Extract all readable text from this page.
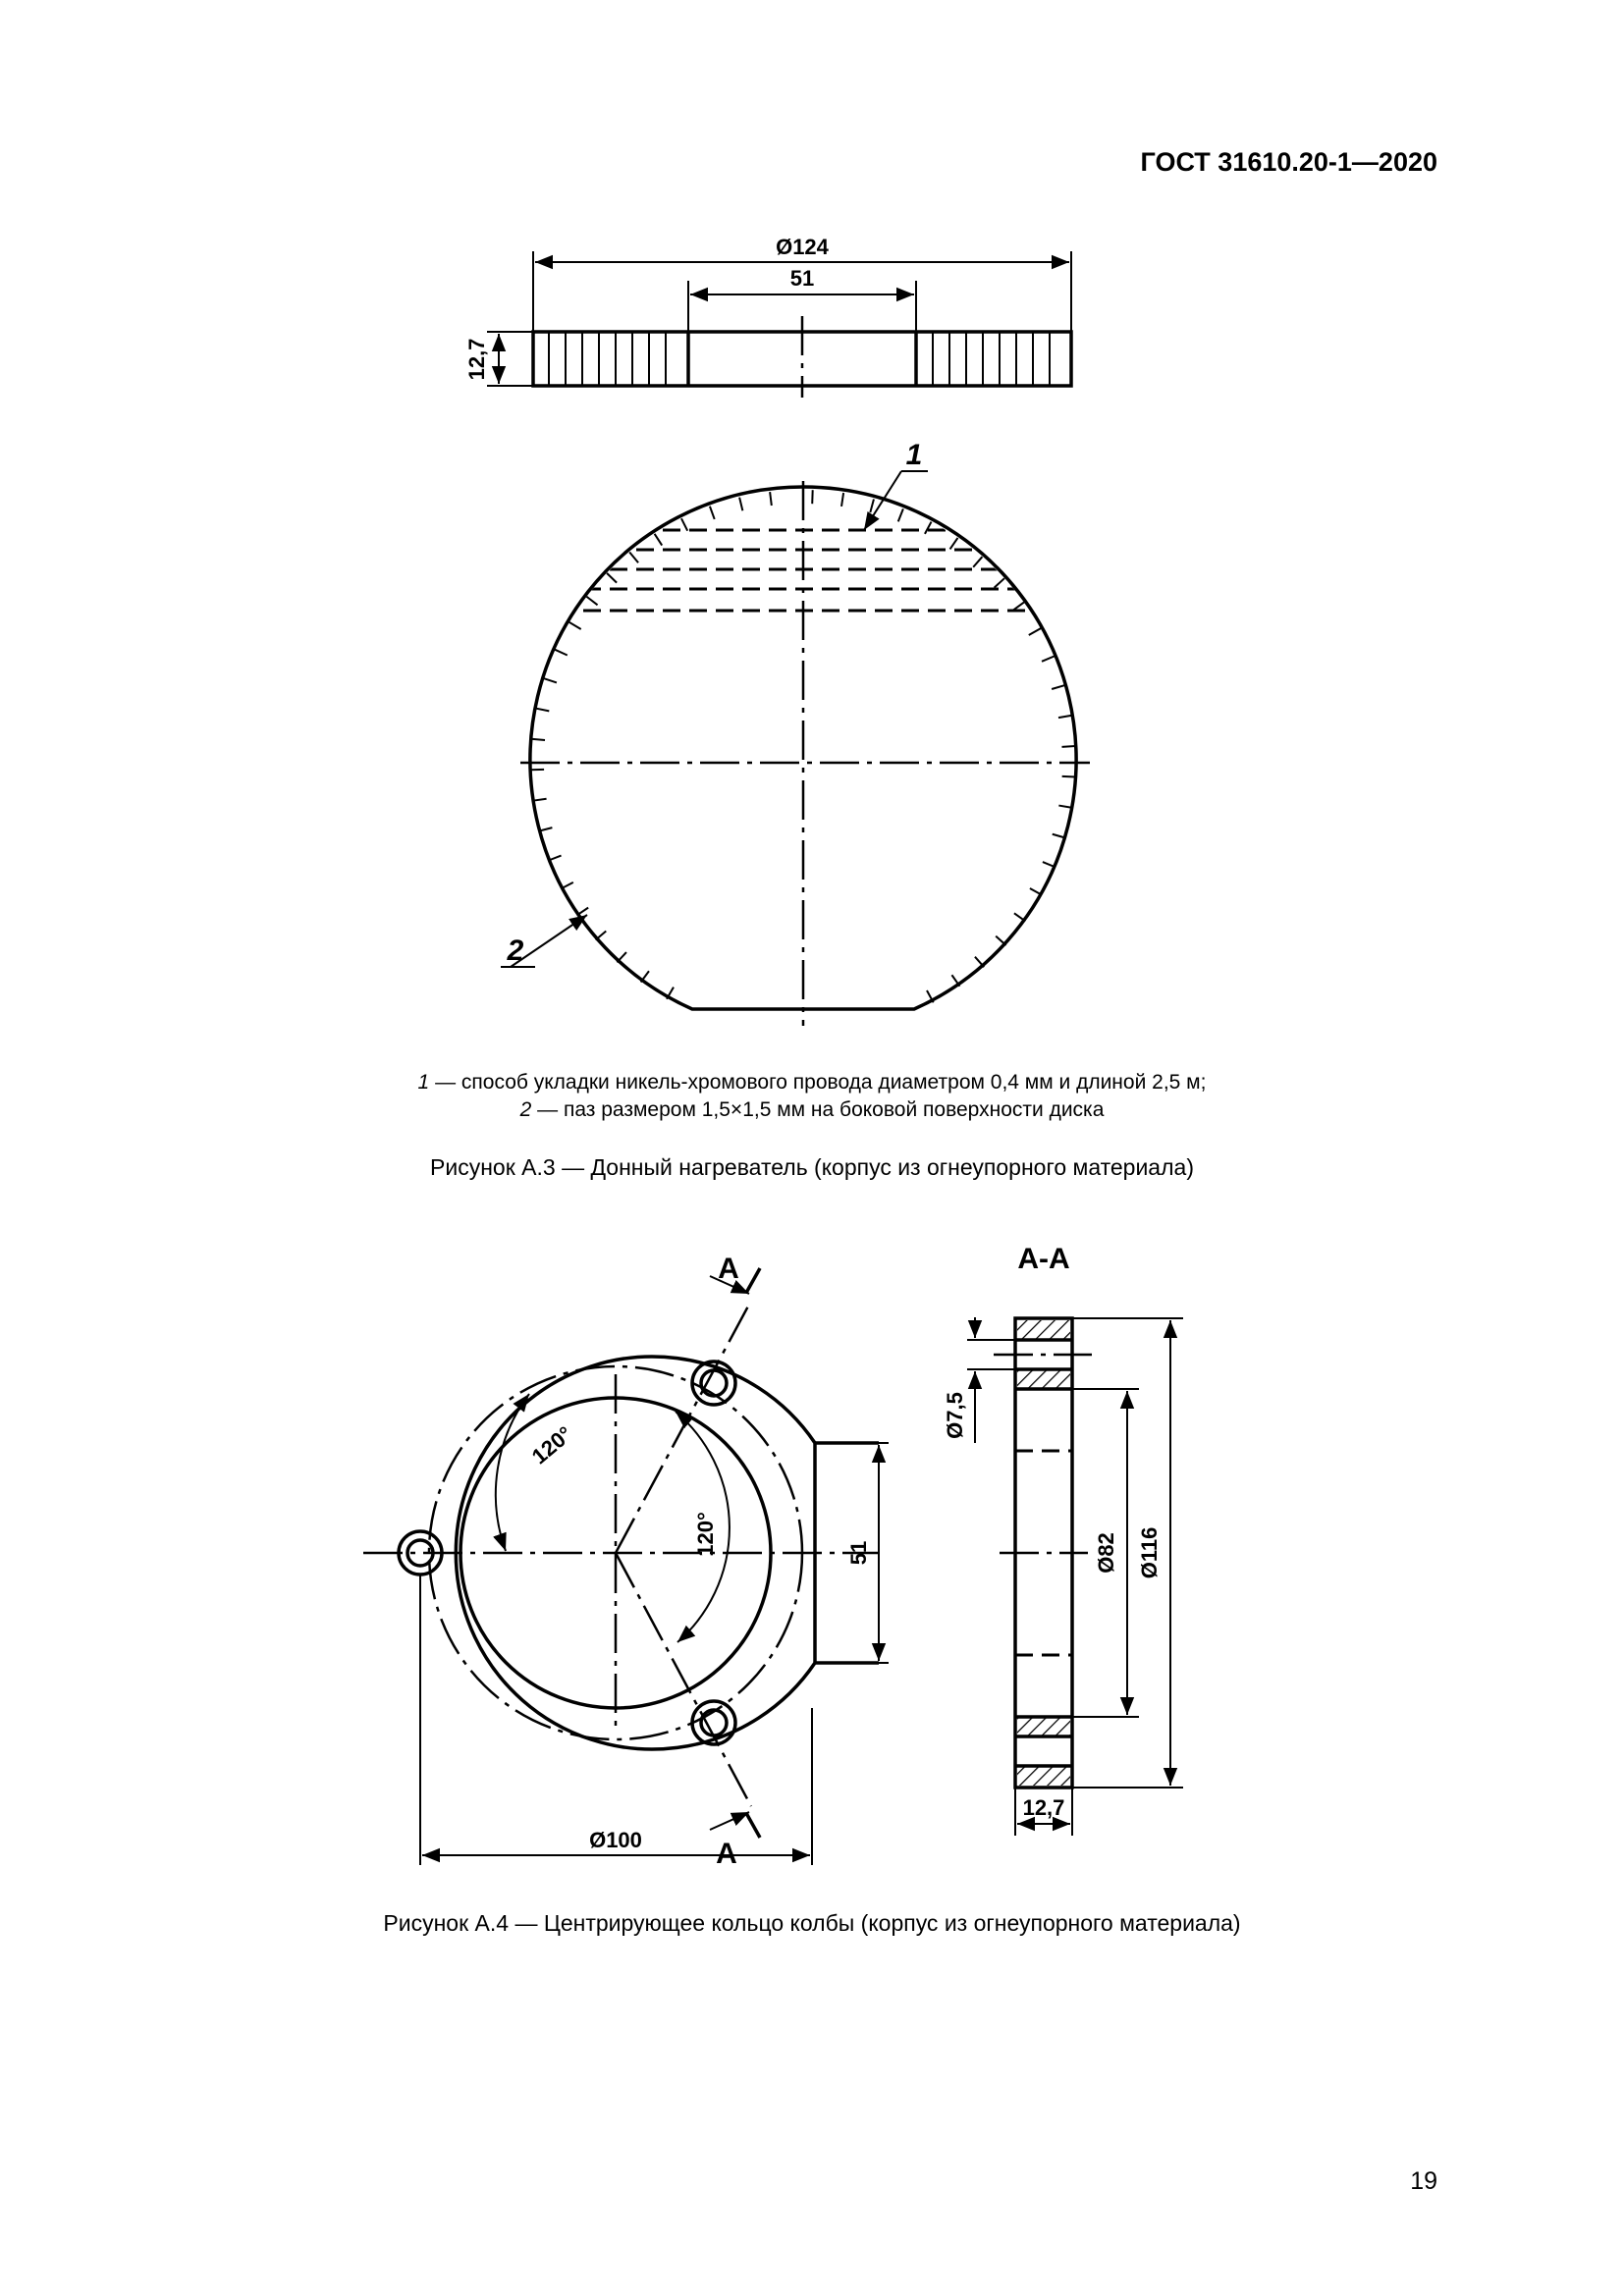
ГОСТ 31610.20-1—2020
Ø124
51
12,7
1
2
А
А
120°
120°	51
Ø100
А-А
Ø7,5
Ø82 Ø116
12,7
1 — способ укладки никель-хромового провода диаметром 0,4 мм и длиной 2,5 м;
2 — паз размером 1,5×1,5 мм на боковой поверхности диска
Рисунок А.3 — Донный нагреватель (корпус из огнеупорного материала)
Рисунок А.4 — Центрирующее кольцо колбы (корпус из огнеупорного материала)
19
